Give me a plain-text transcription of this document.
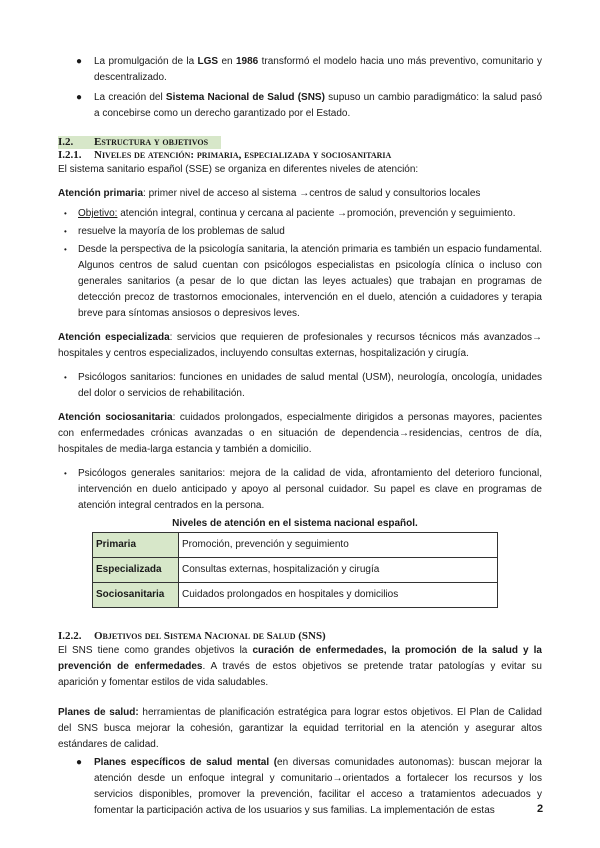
● La promulgación de la LGS en 1986 transformó el modelo hacia uno más preventivo, comunitario y descentralizado.
● La creación del Sistema Nacional de Salud (SNS) supuso un cambio paradigmático: la salud pasó a concebirse como un derecho garantizado por el Estado.
I.2.	Estructura y objetivos
I.2.1.	Niveles de atención: primaria, especializada y sociosanitaria

El sistema sanitario español (SSE) se organiza en diferentes niveles de atención:

Atención primaria: primer nivel de acceso al sistema →centros de salud y consultorios locales

• Objetivo: atención integral, continua y cercana al paciente →promoción, prevención y seguimiento.
• resuelve la mayoría de los problemas de salud
• Desde la perspectiva de la psicología sanitaria, la atención primaria es también un espacio fundamental. Algunos centros de salud cuentan con psicólogos especialistas en psicología clínica o incluso con generales sanitarios (a pesar de lo que dictan las leyes actuales) que trabajan en programas de detección precoz de trastornos emocionales, intervención en el duelo, atención a cuidadores y terapia breve para síntomas ansiosos o depresivos leves.

Atención especializada: servicios que requieren de profesionales y recursos técnicos más avanzados→ hospitales y centros especializados, incluyendo consultas externas, hospitalización y cirugía.

• Psicólogos sanitarios: funciones en unidades de salud mental (USM), neurología, oncología, unidades del dolor o servicios de rehabilitación.

Atención sociosanitaria: cuidados prolongados, especialmente dirigidos a personas mayores, pacientes con enfermedades crónicas avanzadas o en situación de dependencia→residencias, centros de día, hospitales de media-larga estancia y también a domicilio.

• Psicólogos generales sanitarios: mejora de la calidad de vida, afrontamiento del deterioro funcional, intervención en duelo anticipado y apoyo al personal cuidador. Su papel es clave en programas de atención integral centrados en la persona.
Niveles de atención en el sistema nacional español.
Primaria	Promoción, prevención y seguimiento
Especializada	Consultas externas, hospitalización y cirugía
Sociosanitaria	Cuidados prolongados en hospitales y domicilios
I.2.2.	Objetivos del Sistema Nacional de Salud (SNS)

El SNS tiene como grandes objetivos la curación de enfermedades, la promoción de la salud y la prevención de enfermedades. A través de estos objetivos se pretende tratar patologías y evitar su aparición y fomentar estilos de vida saludables.

Planes de salud: herramientas de planificación estratégica para lograr estos objetivos. El Plan de Calidad del SNS busca mejorar la cohesión, garantizar la equidad territorial en la atención y asegurar altos estándares de calidad.

● Planes específicos de salud mental (en diversas comunidades autonomas): buscan mejorar la atención desde un enfoque integral y comunitario→orientados a fortalecer los recursos y los servicios disponibles, promover la prevención, facilitar el acceso a tratamientos adecuados y fomentar la participación activa de los usuarios y sus familias. La implementación de estas	2
